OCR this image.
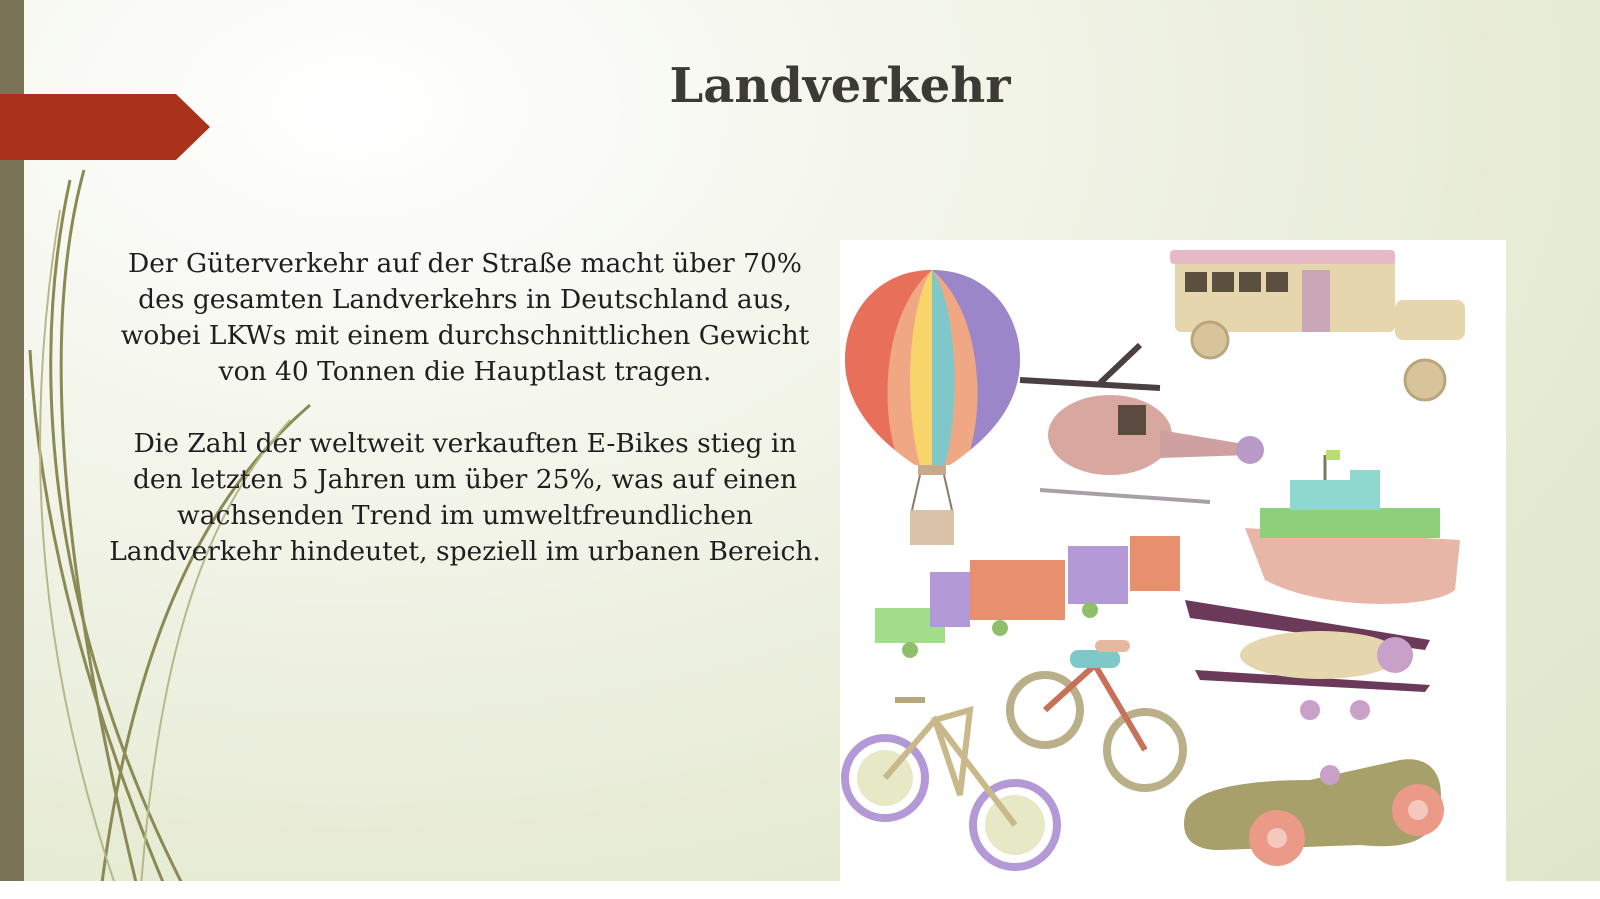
Landverkehr

Der Güterverkehr auf der Straße macht über 70% des gesamten Landverkehrs in Deutschland aus, wobei LKWs mit einem durchschnittlichen Gewicht von 40 Tonnen die Hauptlast tragen.

Die Zahl der weltweit verkauften E-Bikes stieg in den letzten 5 Jahren um über 25%, was auf einen wachsenden Trend im umweltfreundlichen Landverkehr hindeutet, speziell im urbanen Bereich.
